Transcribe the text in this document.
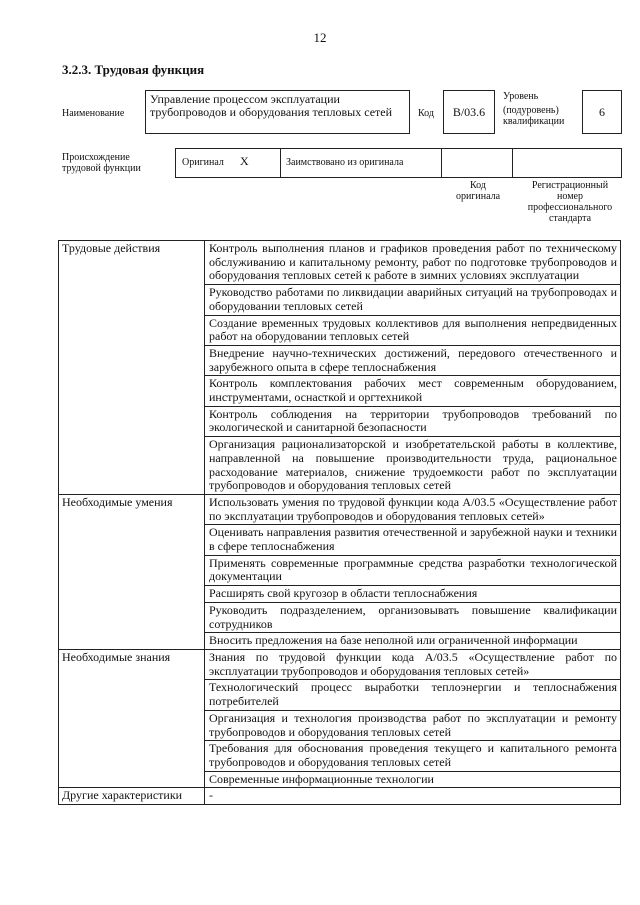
12
3.2.3. Трудовая функция
Наименование
Управление процессом эксплуатации трубопроводов и оборудования тепловых сетей	Код B/03.6
Уровень
(подуровень)
квалификации
6
Происхождение
трудовой функции
Оригинал X	Заимствовано из оригинала
Код
оригинала
Регистрационный
номер
профессионального
стандарта
Трудовые действия	Контроль выполнения планов и графиков проведения работ по техническому обслуживанию и капитальному ремонту, работ по подготовке трубопроводов и оборудования тепловых сетей к работе в зимних условиях эксплуатации
	Руководство работами по ликвидации аварийных ситуаций на трубопроводах и оборудовании тепловых сетей
	Создание временных трудовых коллективов для выполнения непредвиденных работ на оборудовании тепловых сетей
	Внедрение научно-технических достижений, передового отечественного и зарубежного опыта в сфере теплоснабжения
	Контроль комплектования рабочих мест современным оборудованием, инструментами, оснасткой и оргтехникой
	Контроль соблюдения на территории трубопроводов требований по экологической и санитарной безопасности
	Организация рационализаторской и изобретательской работы в коллективе, направленной на повышение производительности труда, рациональное расходование материалов, снижение трудоемкости работ по эксплуатации трубопроводов и оборудования тепловых сетей
Необходимые умения	Использовать умения по трудовой функции кода А/03.5 «Осуществление работ по эксплуатации трубопроводов и оборудования тепловых сетей»
	Оценивать направления развития отечественной и зарубежной науки и техники в сфере теплоснабжения
	Применять современные программные средства разработки технологической документации
	Расширять свой кругозор в области теплоснабжения
	Руководить подразделением, организовывать повышение квалификации сотрудников
	Вносить предложения на базе неполной или ограниченной информации
Необходимые знания	Знания по трудовой функции кода А/03.5 «Осуществление работ по эксплуатации трубопроводов и оборудования тепловых сетей»
	Технологический процесс выработки теплоэнергии и теплоснабжения потребителей
	Организация и технология производства работ по эксплуатации и ремонту трубопроводов и оборудования тепловых сетей
	Требования для обоснования проведения текущего и капитального ремонта трубопроводов и оборудования тепловых сетей
	Современные информационные технологии
Другие характеристики	-
